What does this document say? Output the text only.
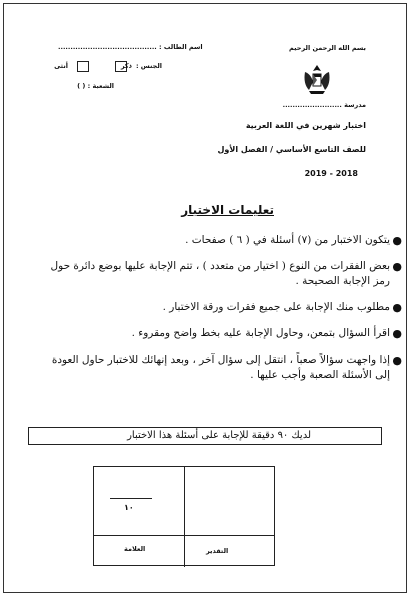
بسم الله الرحمن الرحيم
مدرسة ........................
اختبار شهرين في اللغة العربية
للصف التاسع الأساسي / الفصل الأول
2019 - 2018
اسم الطالب : ........................................
الجنس :
ذكر
أنثى
الشعبة : ( )
تعليمات الاختبار
●
يتكون الاختبار من (٧) أسئلة في ( ٦ ) صفحات .
●
بعض الفقرات من النوع ( اختيار من متعدد ) ، تتم الإجابة عليها بوضع دائرة حول رمز الإجابة الصحيحة .
●
مطلوب منك الإجابة على جميع فقرات ورقة الاختبار .
●
اقرأ السؤال بتمعن، وحاول الإجابة عليه بخط واضح ومقروء .
●
إذا واجهت سؤالاً صعباً ، انتقل إلى سؤال آخر ، وبعد إنهائك للاختبار حاول العودة إلى الأسئلة الصعبة وأجب عليها .
لديك ٩٠ دقيقة للإجابة على أسئلة هذا الاختبار
١٠
العلامة	التقدير
